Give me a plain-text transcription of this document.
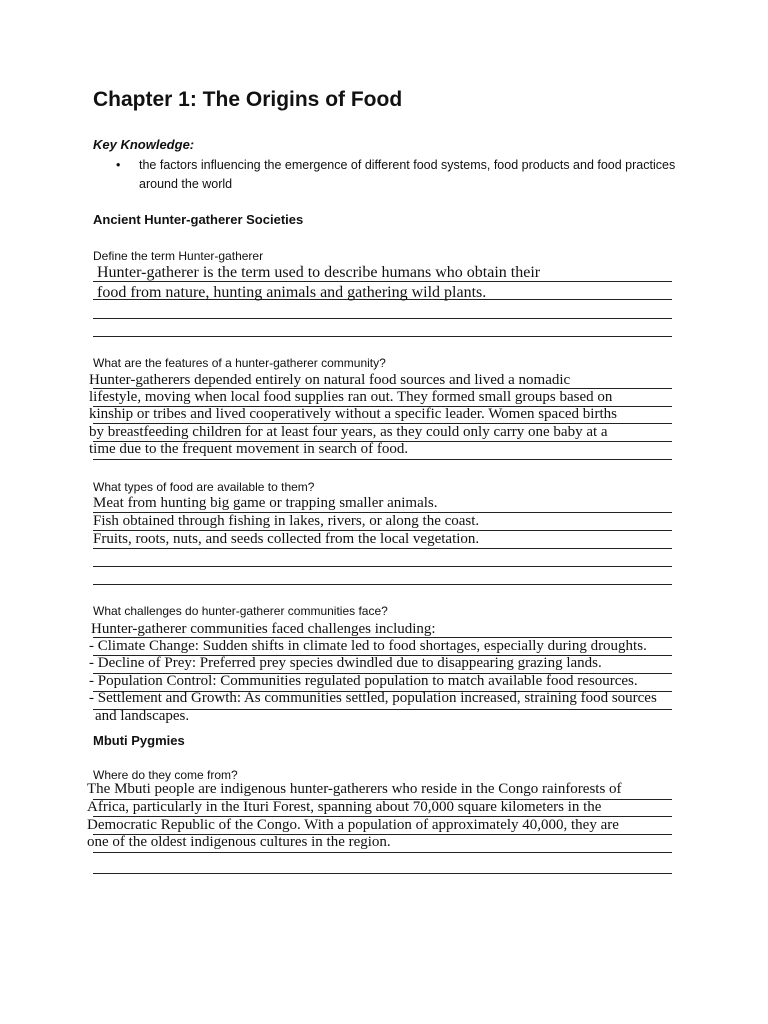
Chapter 1: The Origins of Food
Key Knowledge:
• the factors influencing the emergence of different food systems, food products and food practices around the world
Ancient Hunter-gatherer Societies
Define the term Hunter-gatherer
Hunter-gatherer is the term used to describe humans who obtain their
food from nature, hunting animals and gathering wild plants.
What are the features of a hunter-gatherer community?
Hunter-gatherers depended entirely on natural food sources and lived a nomadic
lifestyle, moving when local food supplies ran out. They formed small groups based on
kinship or tribes and lived cooperatively without a specific leader. Women spaced births
by breastfeeding children for at least four years, as they could only carry one baby at a
time due to the frequent movement in search of food.
What types of food are available to them?
Meat from hunting big game or trapping smaller animals.
Fish obtained through fishing in lakes, rivers, or along the coast.
Fruits, roots, nuts, and seeds collected from the local vegetation.
What challenges do hunter-gatherer communities face?
Hunter-gatherer communities faced challenges including:
- Climate Change: Sudden shifts in climate led to food shortages, especially during droughts.
- Decline of Prey: Preferred prey species dwindled due to disappearing grazing lands.
- Population Control: Communities regulated population to match available food resources.
- Settlement and Growth: As communities settled, population increased, straining food sources
and landscapes.
Mbuti Pygmies
Where do they come from?
The Mbuti people are indigenous hunter-gatherers who reside in the Congo rainforests of
Africa, particularly in the Ituri Forest, spanning about 70,000 square kilometers in the
Democratic Republic of the Congo. With a population of approximately 40,000, they are
one of the oldest indigenous cultures in the region.
